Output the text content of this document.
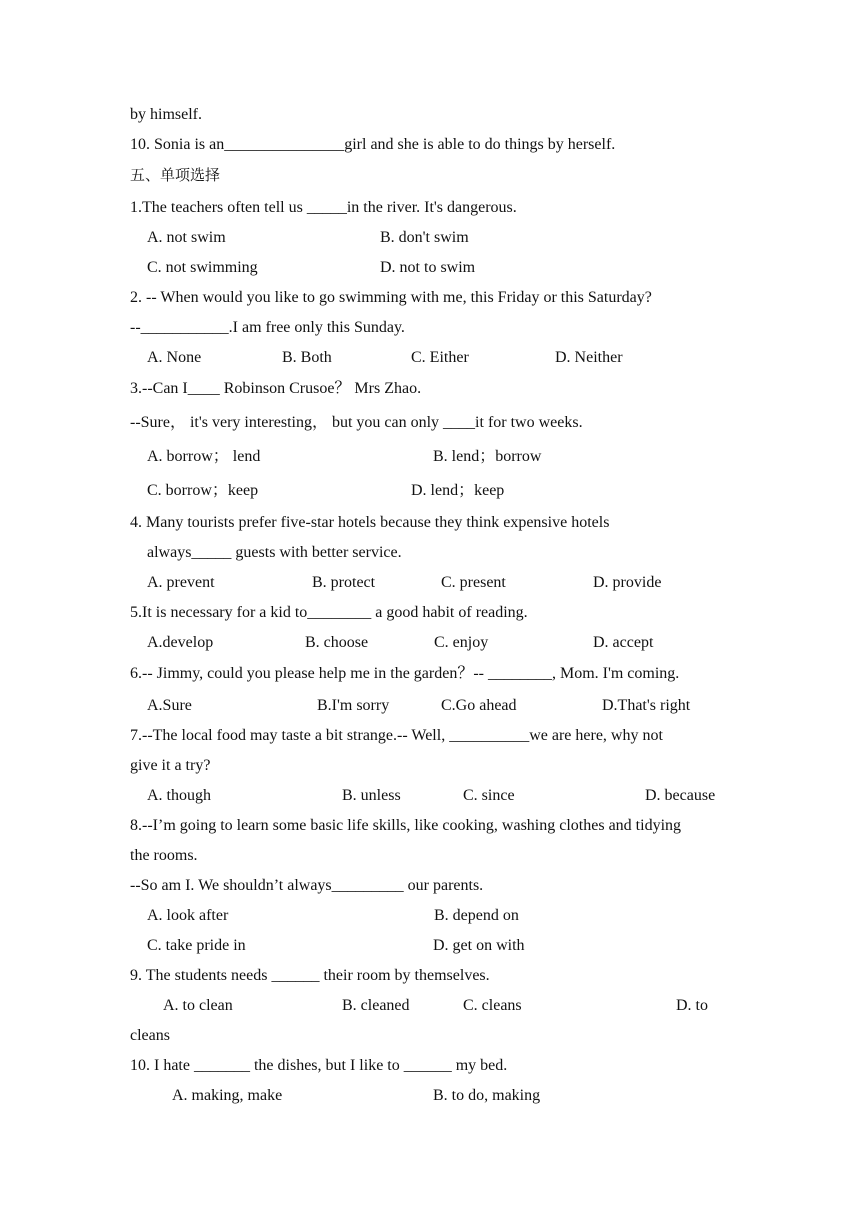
by himself.
10. Sonia is an_______________girl and she is able to do things by herself.
五、单项选择
1.The teachers often tell us _____in the river. It's dangerous.
A. not swim	B. don't swim
C. not swimming	D. not to swim
2. -- When would you like to go swimming with me, this Friday or this Saturday?
--___________.I am free only this Sunday.
A. None	B. Both	C. Either	D. Neither
3.--Can I____ Robinson Crusoe？ Mrs Zhao.
--Sure， it's very interesting， but you can only ____it for two weeks.
A. borrow； lend	B. lend；borrow
C. borrow；keep	D. lend；keep
4. Many tourists prefer five-star hotels because they think expensive hotels
always_____ guests with better service.
A. prevent	B. protect	C. present	D. provide
5.It is necessary for a kid to________ a good habit of reading.
A.develop	B. choose	C. enjoy	D. accept
6.-- Jimmy, could you please help me in the garden？-- ________, Mom. I'm coming.
A.Sure	B.I'm sorry	C.Go ahead	D.That's right
7.--The local food may taste a bit strange.-- Well, __________we are here, why not
give it a try?
A. though	B. unless	C. since	D. because
8.--I’m going to learn some basic life skills, like cooking, washing clothes and tidying
the rooms.
--So am I. We shouldn’t always_________ our parents.
A. look after	B. depend on
C. take pride in	D. get on with
9. The students needs ______ their room by themselves.
A. to clean	B. cleaned	C. cleans	D. to
cleans
10. I hate _______ the dishes, but I like to ______ my bed.
A. making, make	B. to do, making
